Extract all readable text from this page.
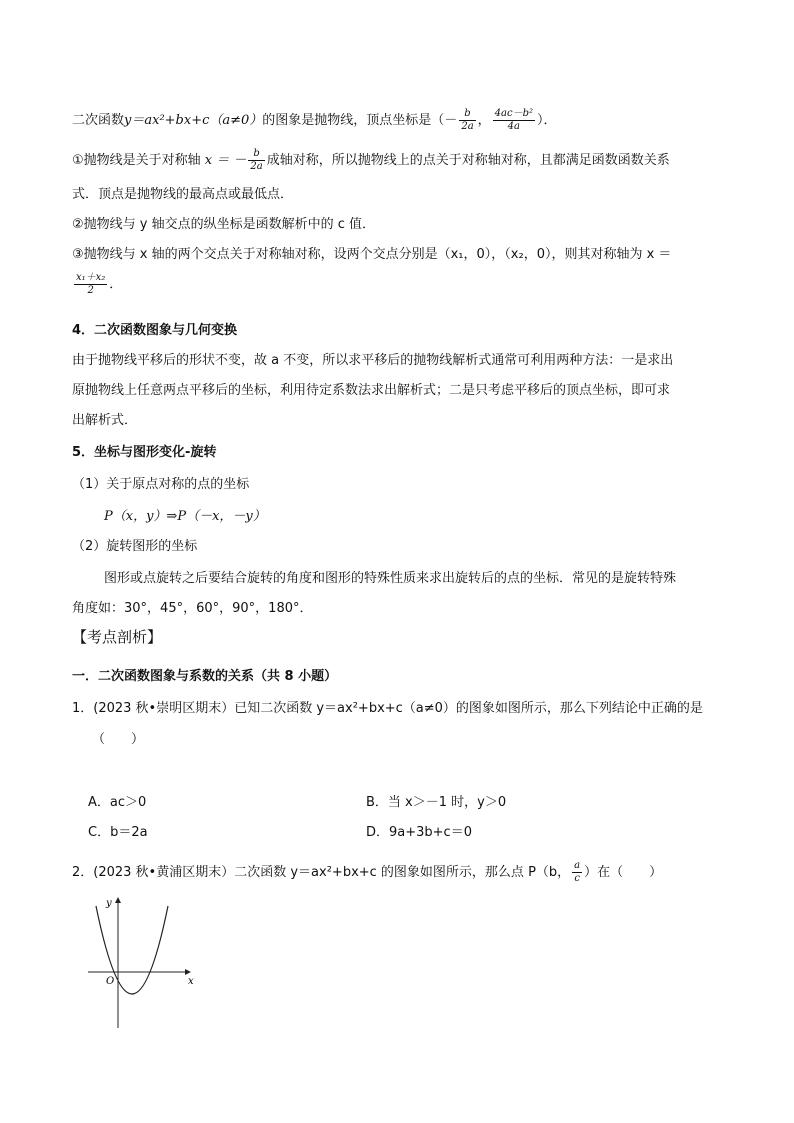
二次函数y＝ax²+bx+c（a≠0）的图象是抛物线，顶点坐标是（－ $\frac{b}{2a}$ ， $\frac{\text{4ac－b²}}{4a}$ ）．
①抛物线是关于对称轴 x ＝ － $\frac{b}{2a}$ 成轴对称，所以抛物线上的点关于对称轴对称，且都满足函数函数关系
式．顶点是抛物线的最高点或最低点．
②抛物线与 y 轴交点的纵坐标是函数解析中的 c 值．
③抛物线与 x 轴的两个交点关于对称轴对称，设两个交点分别是（x₁，0），（x₂，0），则其对称轴为 x ＝
$\frac{\text{x₁＋x₂}}{2}$ ．
4．二次函数图象与几何变换
由于抛物线平移后的形状不变，故 a 不变，所以求平移后的抛物线解析式通常可利用两种方法：一是求出
原抛物线上任意两点平移后的坐标，利用待定系数法求出解析式；二是只考虑平移后的顶点坐标，即可求
出解析式．
5．坐标与图形变化-旋转
（1）关于原点对称的点的坐标
P（x，y）⇒P（－x，－y）
（2）旋转图形的坐标
图形或点旋转之后要结合旋转的角度和图形的特殊性质来求出旋转后的点的坐标．常见的是旋转特殊
角度如：30°，45°，60°，90°，180°．
【考点剖析】
一．二次函数图象与系数的关系（共 8 小题）
1．(2023 秋•崇明区期末）已知二次函数 y＝ax²+bx+c（a≠0）的图象如图所示，那么下列结论中正确的是
（　　）
A．ac＞0	B．当 x＞－1 时，y＞0
C．b＝2a	D．9a+3b+c＝0
2．(2023 秋•黄浦区期末）二次函数 y＝ax²+bx+c 的图象如图所示，那么点 P（b， $\frac{a}{c}$ ）在（　　）
y
x
O
